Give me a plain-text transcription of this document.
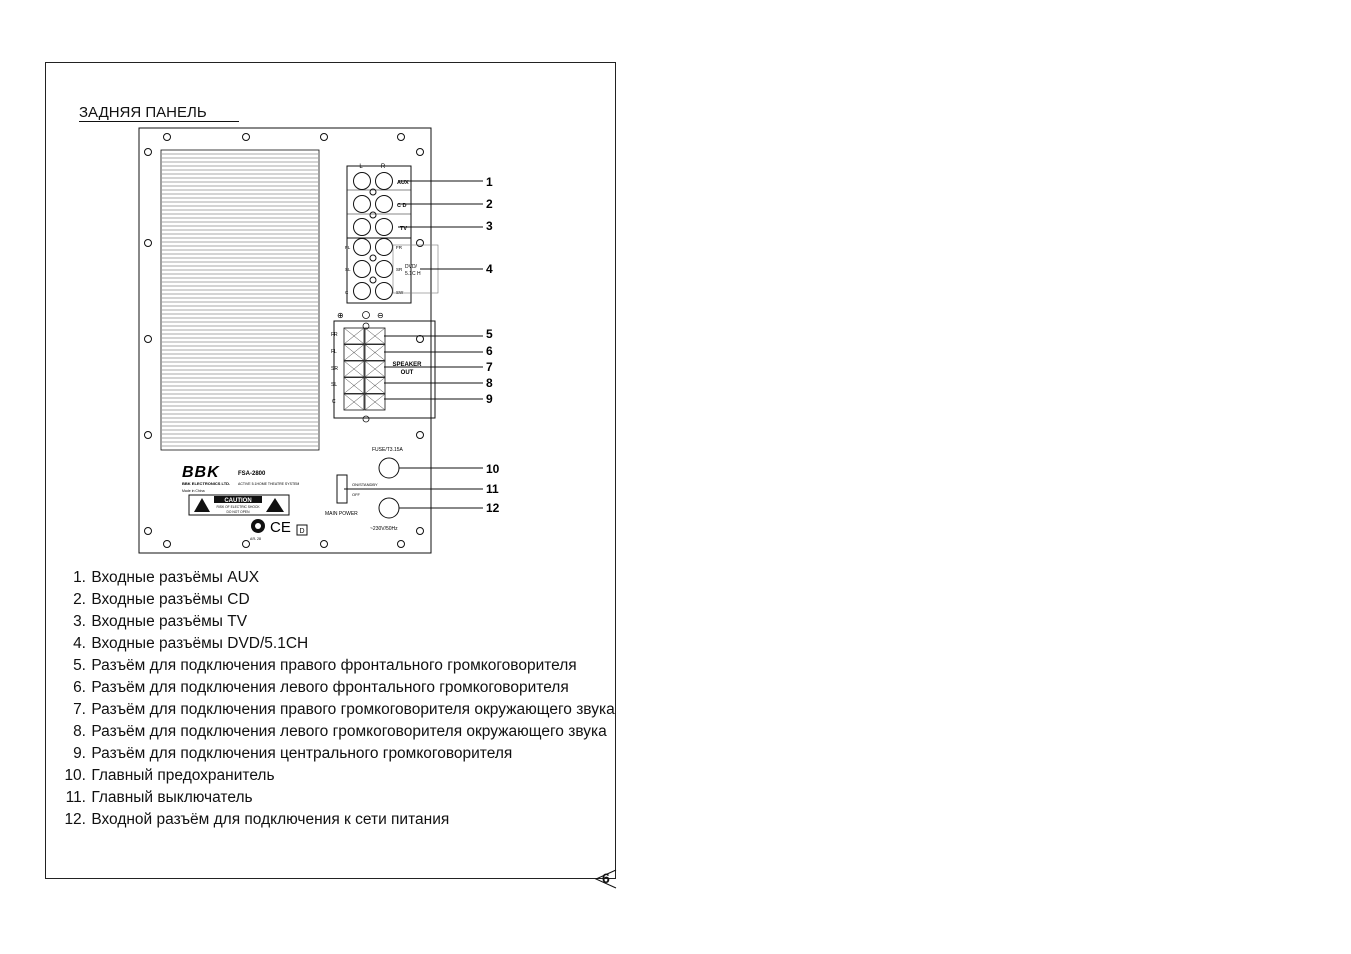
ЗАДНЯЯ ПАНЕЛЬ
L	R
AUX
C D
TV
FL	FR
SL	SR
C	SW
DVD/
5.1C H
⊕	⊖
FR
FL
SR
SL
C
SPEAKER
OUT
FUSE/T3.15A
ON/STANDBY
OFF
MAIN POWER
~230V/50Hz
BBK	FSA-2800
BBK ELECTRONICS LTD. ACTIVE 5.1HOME THEATRE SYSTEM
Made in China
CAUTION
RISK OF ELECTRIC SHOCK
DO NOT OPEN
АЯ- 28
CE D
1
2
3
4
5
6
7
8
9
10
11
12
1. Входные разъёмы AUX
2. Входные разъёмы CD
3. Входные разъёмы TV
4. Входные разъёмы DVD/5.1CH
5. Разъём для подключения правого фронтального громкоговорителя
6. Разъём для подключения левого фронтального громкоговорителя
7. Разъём для подключения правого громкоговорителя окружающего звука
8. Разъём для подключения левого громкоговорителя окружающего звука
9. Разъём для подключения центрального громкоговорителя
10. Главный предохранитель
11. Главный выключатель
12. Входной разъём для подключения к сети питания
6
